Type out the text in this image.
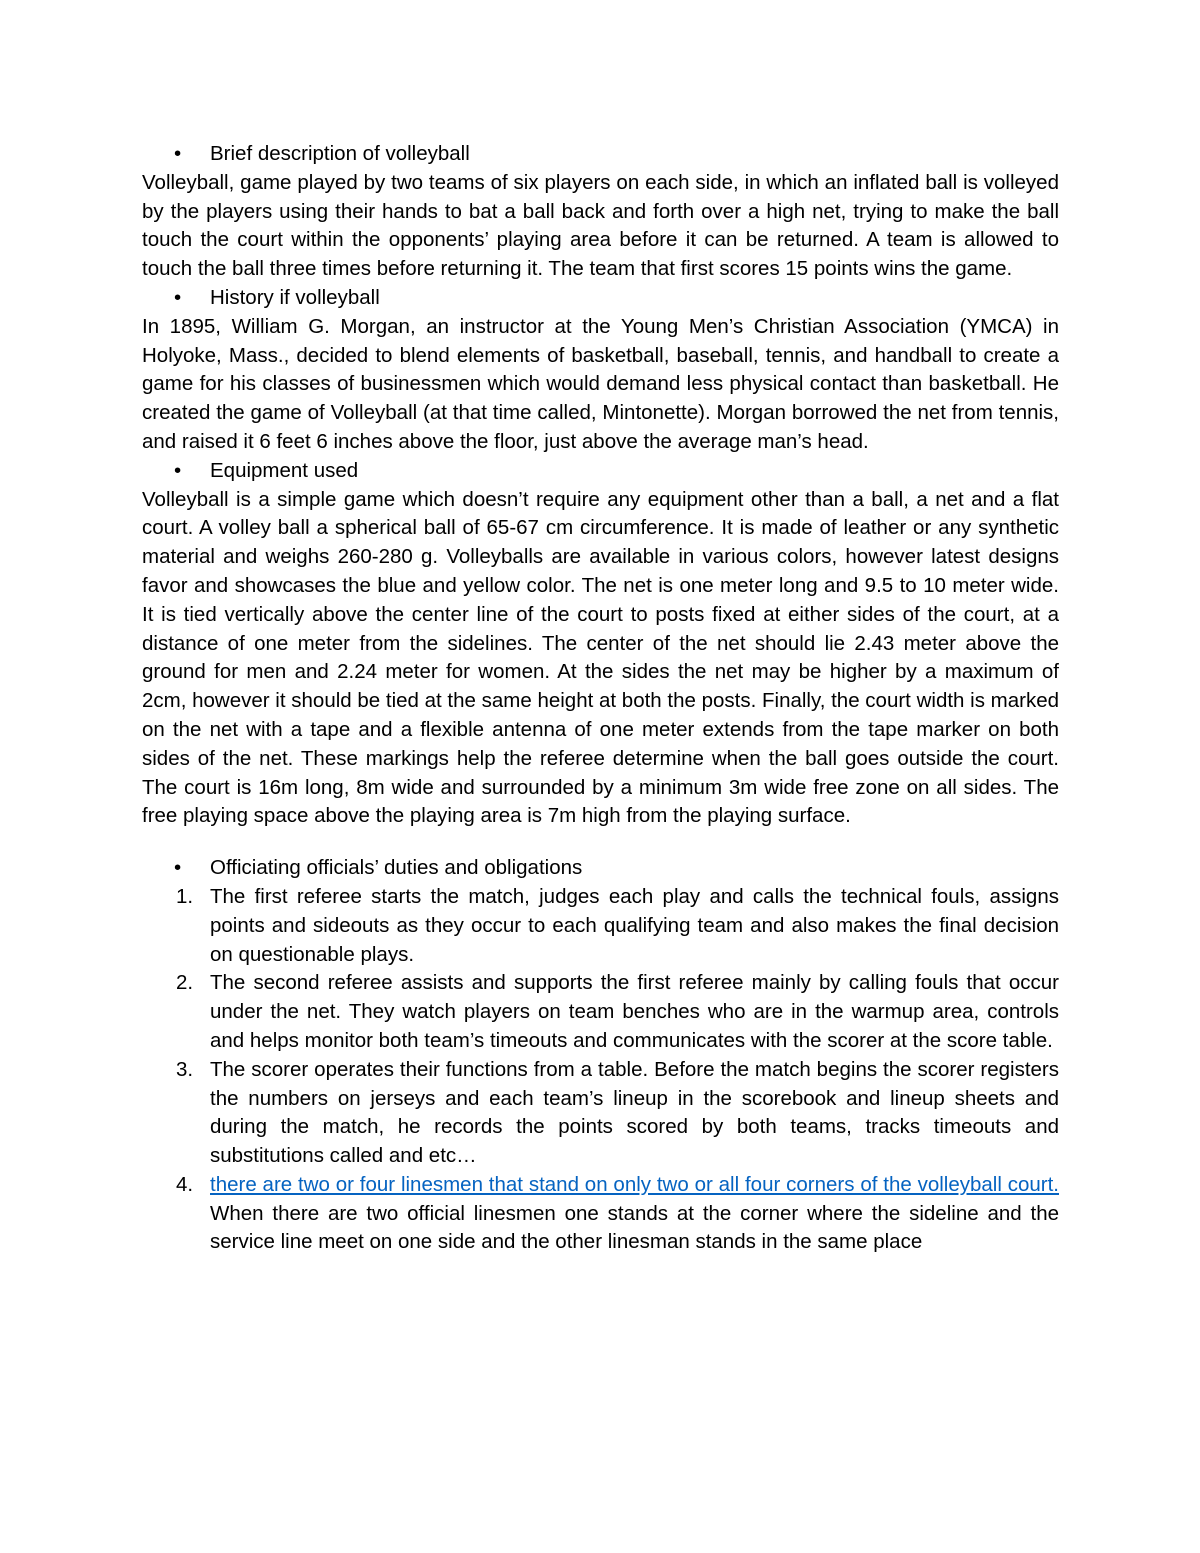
•	Brief description of volleyball

Volleyball, game played by two teams of six players on each side, in which an inflated ball is volleyed by the players using their hands to bat a ball back and forth over a high net, trying to make the ball touch the court within the opponents’ playing area before it can be returned. A team is allowed to touch the ball three times before returning it. The team that first scores 15 points wins the game.

•	History if volleyball

In 1895, William G. Morgan, an instructor at the Young Men’s Christian Association (YMCA) in Holyoke, Mass., decided to blend elements of basketball, baseball, tennis, and handball to create a game for his classes of businessmen which would demand less physical contact than basketball. He created the game of Volleyball (at that time called, Mintonette). Morgan borrowed the net from tennis, and raised it 6 feet 6 inches above the floor, just above the average man’s head.

•	Equipment used

Volleyball is a simple game which doesn’t require any equipment other than a ball, a net and a flat court. A volley ball a spherical ball of 65-67 cm circumference. It is made of leather or any synthetic material and weighs 260-280 g. Volleyballs are available in various colors, however latest designs favor and showcases the blue and yellow color. The net is one meter long and 9.5 to 10 meter wide. It is tied vertically above the center line of the court to posts fixed at either sides of the court, at a distance of one meter from the sidelines. The center of the net should lie 2.43 meter above the ground for men and 2.24 meter for women. At the sides the net may be higher by a maximum of 2cm, however it should be tied at the same height at both the posts. Finally, the court width is marked on the net with a tape and a flexible antenna of one meter extends from the tape marker on both sides of the net. These markings help the referee determine when the ball goes outside the court. The court is 16m long, 8m wide and surrounded by a minimum 3m wide free zone on all sides. The free playing space above the playing area is 7m high from the playing surface.

•	Officiating officials’ duties and obligations
1. The first referee starts the match, judges each play and calls the technical fouls, assigns points and sideouts as they occur to each qualifying team and also makes the final decision on questionable plays.
2. The second referee assists and supports the first referee mainly by calling fouls that occur under the net. They watch players on team benches who are in the warmup area, controls and helps monitor both team’s timeouts and communicates with the scorer at the score table.
3. The scorer operates their functions from a table. Before the match begins the scorer registers the numbers on jerseys and each team’s lineup in the scorebook and lineup sheets and during the match, he records the points scored by both teams, tracks timeouts and substitutions called and etc…
4. there are two or four linesmen that stand on only two or all four corners of the volleyball court. When there are two official linesmen one stands at the corner where the sideline and the service line meet on one side and the other linesman stands in the same place
